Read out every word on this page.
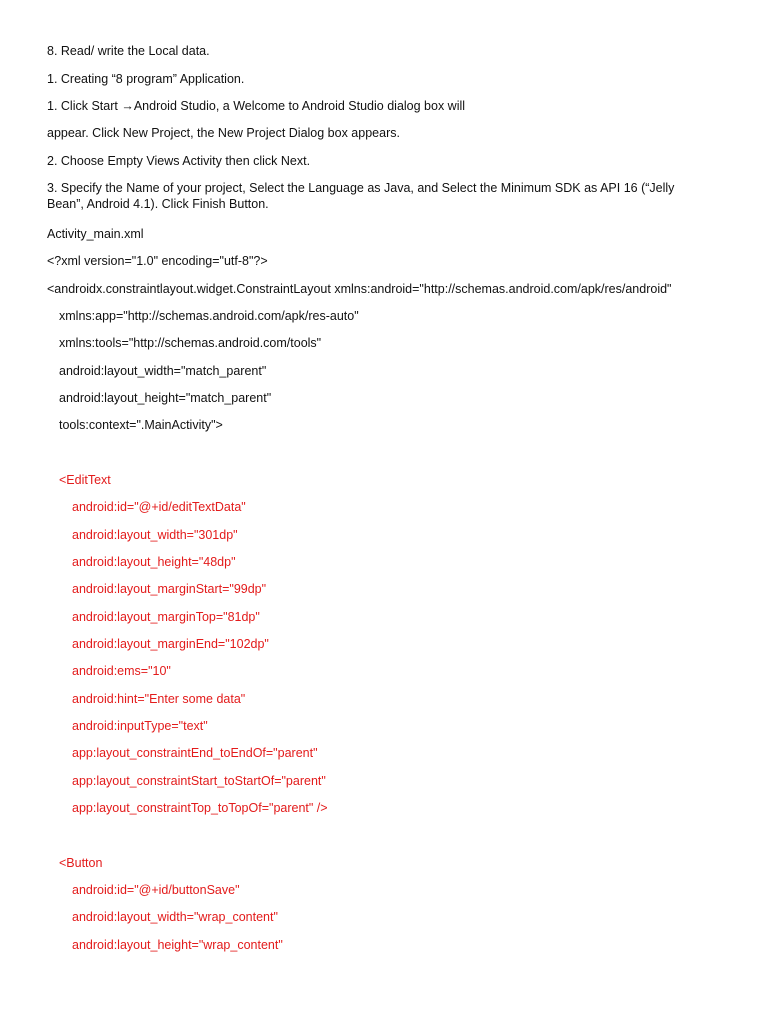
8. Read/ write the Local data.
1. Creating “8 program” Application.
1. Click Start →Android Studio, a Welcome to Android Studio dialog box will
appear. Click New Project, the New Project Dialog box appears.
2. Choose Empty Views Activity then click Next.
3. Specify the Name of your project, Select the Language as Java, and Select the Minimum SDK as API 16 (“Jelly Bean”, Android 4.1). Click Finish Button.
Activity_main.xml
<?xml version="1.0" encoding="utf-8"?>
<androidx.constraintlayout.widget.ConstraintLayout xmlns:android="http://schemas.android.com/apk/res/android"
xmlns:app="http://schemas.android.com/apk/res-auto"
xmlns:tools="http://schemas.android.com/tools"
android:layout_width="match_parent"
android:layout_height="match_parent"
tools:context=".MainActivity">
<EditText
android:id="@+id/editTextData"
android:layout_width="301dp"
android:layout_height="48dp"
android:layout_marginStart="99dp"
android:layout_marginTop="81dp"
android:layout_marginEnd="102dp"
android:ems="10"
android:hint="Enter some data"
android:inputType="text"
app:layout_constraintEnd_toEndOf="parent"
app:layout_constraintStart_toStartOf="parent"
app:layout_constraintTop_toTopOf="parent" />
<Button
android:id="@+id/buttonSave"
android:layout_width="wrap_content"
android:layout_height="wrap_content"
